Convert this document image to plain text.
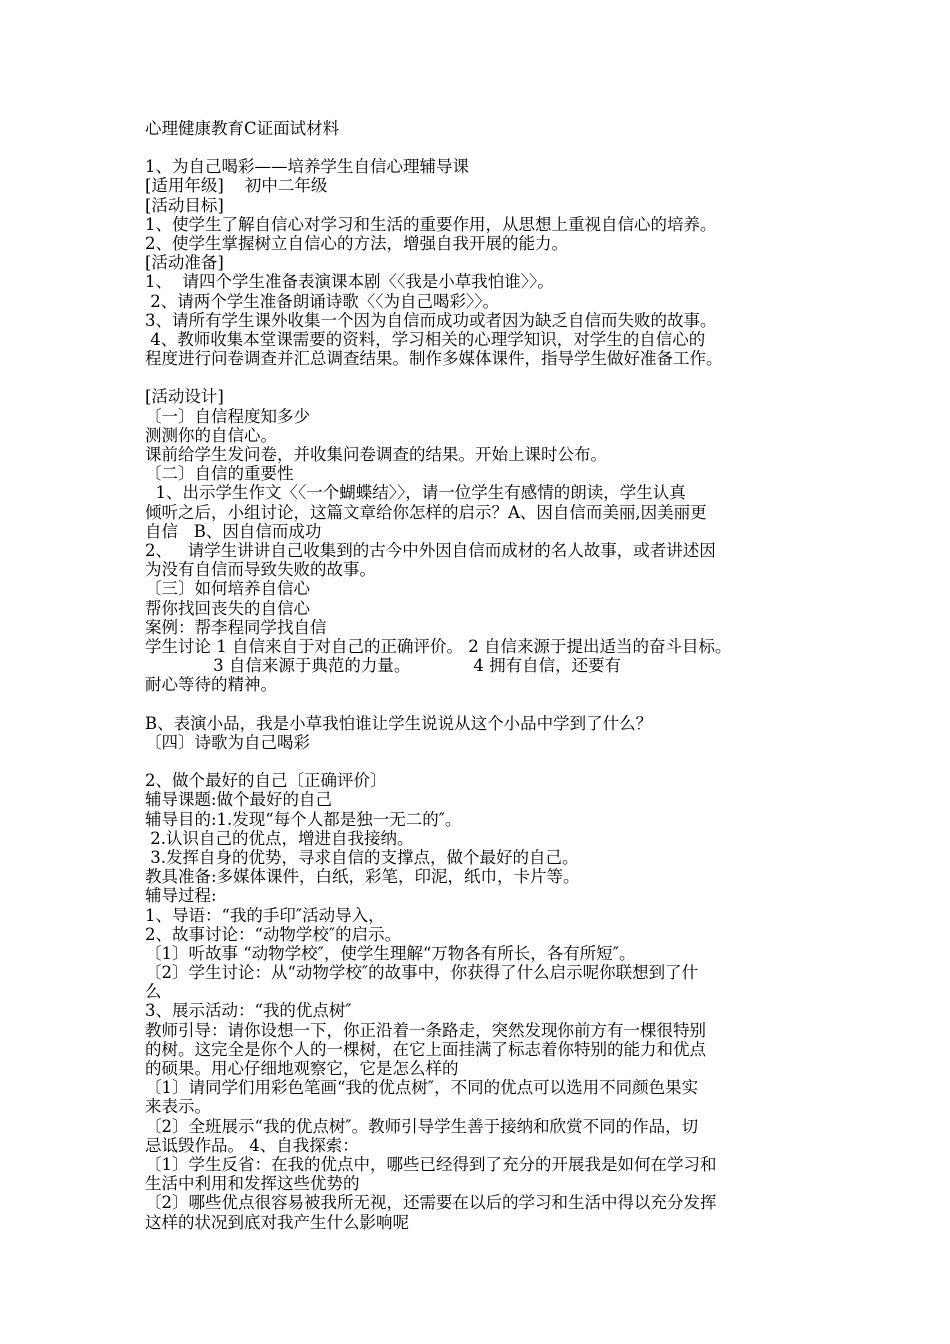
心理健康教育C证面试材料
1、为自己喝彩——培养学生自信心理辅导课
[适用年级]    初中二年级
[活动目标]
1、使学生了解自信心对学习和生活的重要作用，从思想上重视自信心的培养。
2、使学生掌握树立自信心的方法，增强自我开展的能力。
[活动准备]
1、  请四个学生准备表演课本剧〈〈我是小草我怕谁〉〉。
2、请两个学生准备朗诵诗歌〈〈为自己喝彩〉〉。
3、请所有学生课外收集一个因为自信而成功或者因为缺乏自信而失败的故事。
4、教师收集本堂课需要的资料，学习相关的心理学知识，对学生的自信心的
程度进行问卷调查并汇总调查结果。制作多媒体课件，指导学生做好准备工作。
[活动设计]
〔一〕自信程度知多少
测测你的自信心。
课前给学生发问卷，并收集问卷调查的结果。开始上课时公布。
〔二〕自信的重要性
1、出示学生作文〈〈一个蝴蝶结〉〉，请一位学生有感情的朗读，学生认真
倾听之后，小组讨论，这篇文章给你怎样的启示？A、因自信而美丽,因美丽更
自信   B、因自信而成功
2、   请学生讲讲自己收集到的古今中外因自信而成材的名人故事，或者讲述因
为没有自信而导致失败的故事。
〔三〕如何培养自信心
帮你找回丧失的自信心
案例：帮李程同学找自信
学生讨论 1 自信来自于对自己的正确评价。 2 自信来源于提出适当的奋斗目标。
3 自信来源于典范的力量。            4 拥有自信，还要有
耐心等待的精神。
B、表演小品，我是小草我怕谁让学生说说从这个小品中学到了什么？
〔四〕诗歌为自己喝彩
2、做个最好的自己〔正确评价〕
辅导课题:做个最好的自己
辅导目的:1.发现“每个人都是独一无二的″。
2.认识自己的优点，增进自我接纳。
3.发挥自身的优势，寻求自信的支撑点，做个最好的自己。
教具准备:多媒体课件，白纸，彩笔，印泥，纸巾，卡片等。
辅导过程:
1、导语：“我的手印″活动导入，
2、故事讨论：“动物学校″的启示。
〔1〕听故事 “动物学校″，使学生理解“万物各有所长，各有所短″。
〔2〕学生讨论：从“动物学校″的故事中，你获得了什么启示呢你联想到了什
么
3、展示活动：“我的优点树″
教师引导：请你设想一下，你正沿着一条路走，突然发现你前方有一棵很特别
的树。这完全是你个人的一棵树，在它上面挂满了标志着你特别的能力和优点
的硕果。用心仔细地观察它，它是怎么样的
〔1〕请同学们用彩色笔画“我的优点树″，不同的优点可以选用不同颜色果实
来表示。
〔2〕全班展示“我的优点树″。教师引导学生善于接纳和欣赏不同的作品，切
忌诋毁作品。 4、自我探索：
〔1〕学生反省：在我的优点中，哪些已经得到了充分的开展我是如何在学习和
生活中利用和发挥这些优势的
〔2〕哪些优点很容易被我所无视，还需要在以后的学习和生活中得以充分发挥
这样的状况到底对我产生什么影响呢
